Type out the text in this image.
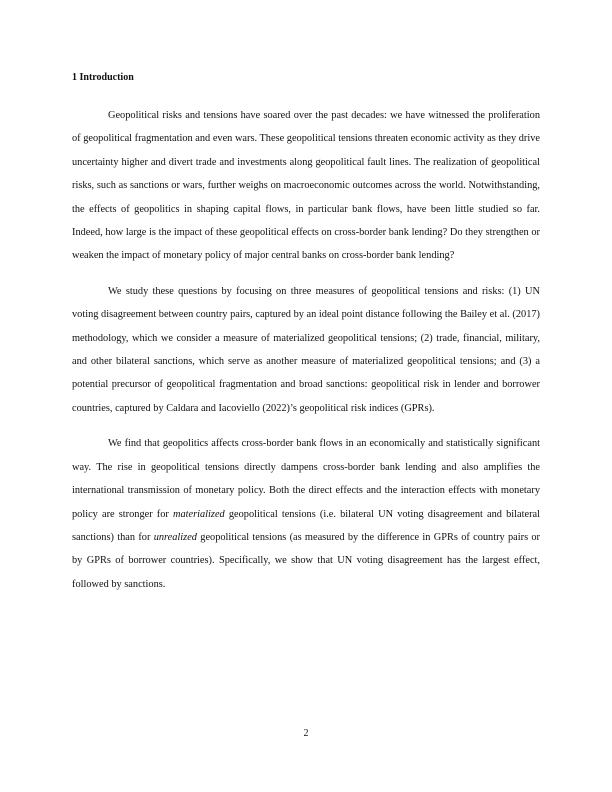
1 Introduction

Geopolitical risks and tensions have soared over the past decades: we have witnessed the proliferation of geopolitical fragmentation and even wars. These geopolitical tensions threaten economic activity as they drive uncertainty higher and divert trade and investments along geopolitical fault lines. The realization of geopolitical risks, such as sanctions or wars, further weighs on macroeconomic outcomes across the world. Notwithstanding, the effects of geopolitics in shaping capital flows, in particular bank flows, have been little studied so far. Indeed, how large is the impact of these geopolitical effects on cross-border bank lending? Do they strengthen or weaken the impact of monetary policy of major central banks on cross-border bank lending?

We study these questions by focusing on three measures of geopolitical tensions and risks: (1) UN voting disagreement between country pairs, captured by an ideal point distance following the Bailey et al. (2017) methodology, which we consider a measure of materialized geopolitical tensions; (2) trade, financial, military, and other bilateral sanctions, which serve as another measure of materialized geopolitical tensions; and (3) a potential precursor of geopolitical fragmentation and broad sanctions: geopolitical risk in lender and borrower countries, captured by Caldara and Iacoviello (2022)’s geopolitical risk indices (GPRs).

We find that geopolitics affects cross-border bank flows in an economically and statistically significant way. The rise in geopolitical tensions directly dampens cross-border bank lending and also amplifies the international transmission of monetary policy. Both the direct effects and the interaction effects with monetary policy are stronger for materialized geopolitical tensions (i.e. bilateral UN voting disagreement and bilateral sanctions) than for unrealized geopolitical tensions (as measured by the difference in GPRs of country pairs or by GPRs of borrower countries). Specifically, we show that UN voting disagreement has the largest effect, followed by sanctions.

2
